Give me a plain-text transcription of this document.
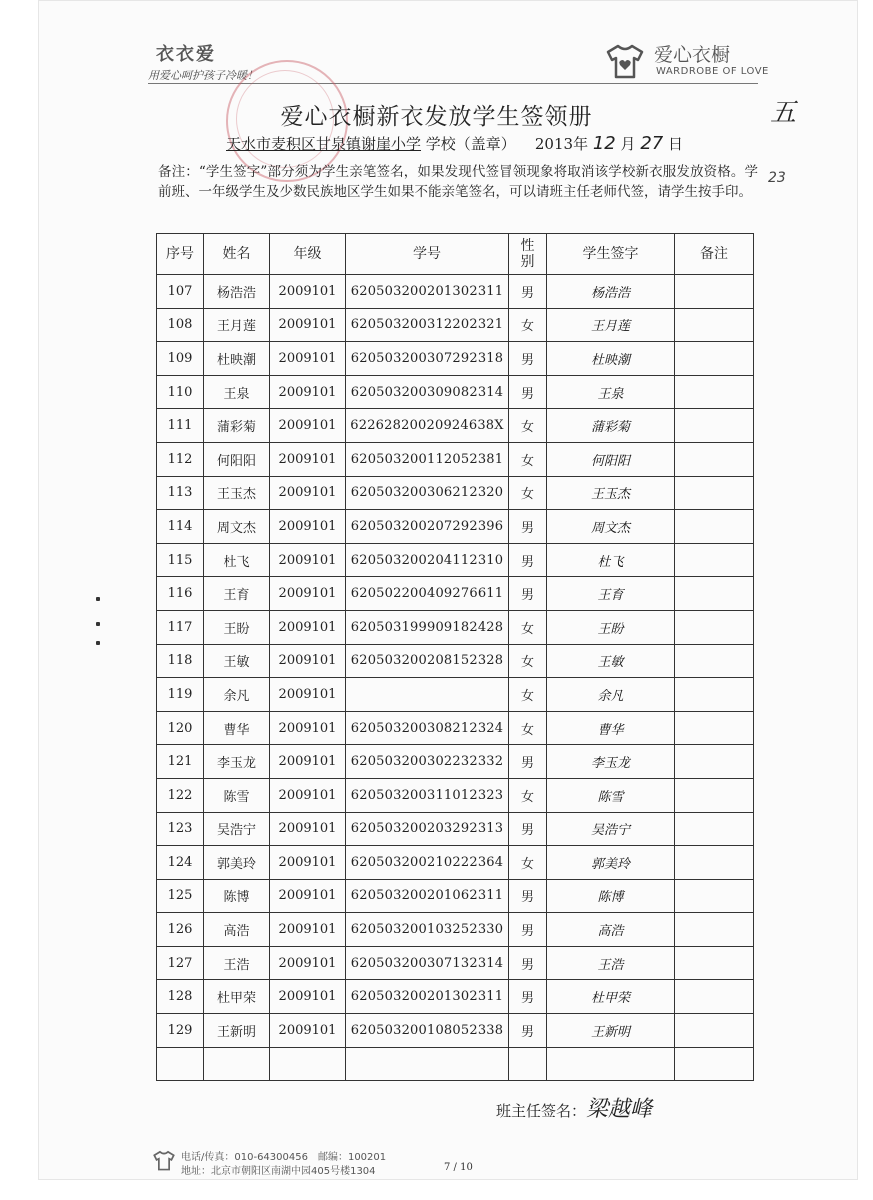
衣衣爱
用爱心呵护孩子冷暖！
爱心衣橱
WARDROBE OF LOVE
五
23
爱心衣橱新衣发放学生签领册
天水市麦积区甘泉镇谢崖小学 学校（盖章） 2013年 12 月 27 日
备注：“学生签字”部分须为学生亲笔签名，如果发现代签冒领现象将取消该学校新衣服发放资格。学前班、一年级学生及少数民族地区学生如果不能亲笔签名，可以请班主任老师代签，请学生按手印。
序号	姓名	年级	学号	性别	学生签字	备注
107	杨浩浩	2009101	620503200201302311	男	杨浩浩	
108	王月莲	2009101	620503200312202321	女	王月莲	
109	杜映潮	2009101	620503200307292318	男	杜映潮	
110	王泉	2009101	620503200309082314	男	王泉	
111	蒲彩菊	2009101	62262820020924638X	女	蒲彩菊	
112	何阳阳	2009101	620503200112052381	女	何阳阳	
113	王玉杰	2009101	620503200306212320	女	王玉杰	
114	周文杰	2009101	620503200207292396	男	周文杰	
115	杜飞	2009101	620503200204112310	男	杜飞	
116	王育	2009101	620502200409276611	男	王育	
117	王盼	2009101	620503199909182428	女	王盼	
118	王敏	2009101	620503200208152328	女	王敏	
119	余凡	2009101		女	余凡	
120	曹华	2009101	620503200308212324	女	曹华	
121	李玉龙	2009101	620503200302232332	男	李玉龙	
122	陈雪	2009101	620503200311012323	女	陈雪	
123	吴浩宁	2009101	620503200203292313	男	吴浩宁	
124	郭美玲	2009101	620503200210222364	女	郭美玲	
125	陈博	2009101	620503200201062311	男	陈博	
126	高浩	2009101	620503200103252330	男	高浩	
127	王浩	2009101	620503200307132314	男	王浩	
128	杜甲荣	2009101	620503200201302311	男	杜甲荣	
129	王新明	2009101	620503200108052338	男	王新明	

班主任签名：梁越峰
电话/传真：010-64300456　邮编：100201
地址：北京市朝阳区南湖中园405号楼1304	7 / 10
